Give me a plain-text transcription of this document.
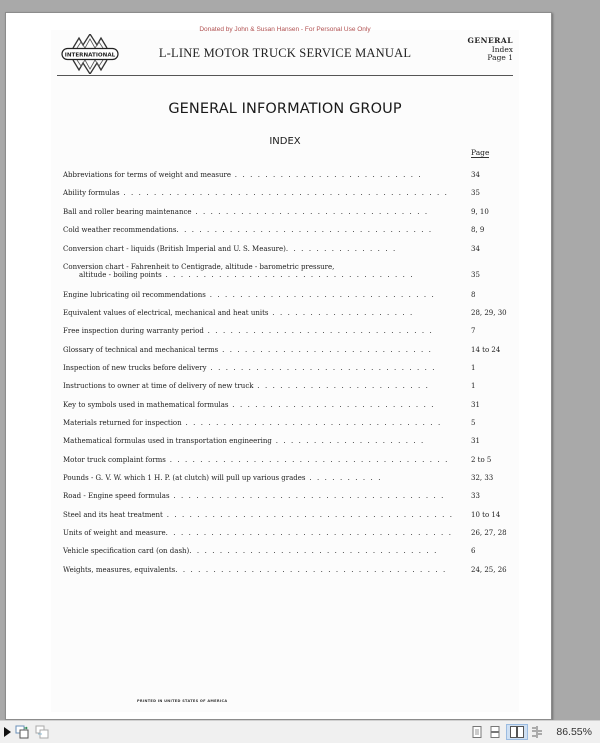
Donated by John & Susan Hansen - For Personal Use Only
INTERNATIONAL	L-LINE MOTOR TRUCK SERVICE MANUAL
GENERAL
Index
Page 1
GENERAL INFORMATION GROUP
INDEX
Page
Abbreviations for terms of weight and measure . . . . . . . . . . . . . . . . . . . . . . . . .	34
Ability formulas . . . . . . . . . . . . . . . . . . . . . . . . . . . . . . . . . . . . . . . . . . .	35
Ball and roller bearing maintenance . . . . . . . . . . . . . . . . . . . . . . . . . . . . . . .	9, 10
Cold weather recommendations. . . . . . . . . . . . . . . . . . . . . . . . . . . . . . . . . .	8, 9
Conversion chart - liquids (British Imperial and U. S. Measure). . . . . . . . . . . . . . .	34
Conversion chart - Fahrenheit to Centigrade, altitude - barometric pressure,
altitude - boiling points . . . . . . . . . . . . . . . . . . . . . . . . . . . . . . . . .	35
Engine lubricating oil recommendations . . . . . . . . . . . . . . . . . . . . . . . . . . . . . .	8
Equivalent values of electrical, mechanical and heat units . . . . . . . . . . . . . . . . . . .	28, 29, 30
Free inspection during warranty period . . . . . . . . . . . . . . . . . . . . . . . . . . . . . .	7
Glossary of technical and mechanical terms . . . . . . . . . . . . . . . . . . . . . . . . . . . .	14 to 24
Inspection of new trucks before delivery . . . . . . . . . . . . . . . . . . . . . . . . . . . . . .	1
Instructions to owner at time of delivery of new truck . . . . . . . . . . . . . . . . . . . . . . .	1
Key to symbols used in mathematical formulas . . . . . . . . . . . . . . . . . . . . . . . . . . .	31
Materials returned for inspection . . . . . . . . . . . . . . . . . . . . . . . . . . . . . . . . . .	5
Mathematical formulas used in transportation engineering . . . . . . . . . . . . . . . . . . . .	31
Motor truck complaint forms . . . . . . . . . . . . . . . . . . . . . . . . . . . . . . . . . . . . .	2 to 5
Pounds - G. V. W. which 1 H. P. (at clutch) will pull up various grades . . . . . . . . . .	32, 33
Road - Engine speed formulas . . . . . . . . . . . . . . . . . . . . . . . . . . . . . . . . . . . .	33
Steel and its heat treatment . . . . . . . . . . . . . . . . . . . . . . . . . . . . . . . . . . . . . .	10 to 14
Units of weight and measure. . . . . . . . . . . . . . . . . . . . . . . . . . . . . . . . . . . . . .	26, 27, 28
Vehicle specification card (on dash). . . . . . . . . . . . . . . . . . . . . . . . . . . . . . . . .	6
Weights, measures, equivalents. . . . . . . . . . . . . . . . . . . . . . . . . . . . . . . . . . . .	24, 25, 26
PRINTED IN UNITED STATES OF AMERICA
86.55%
